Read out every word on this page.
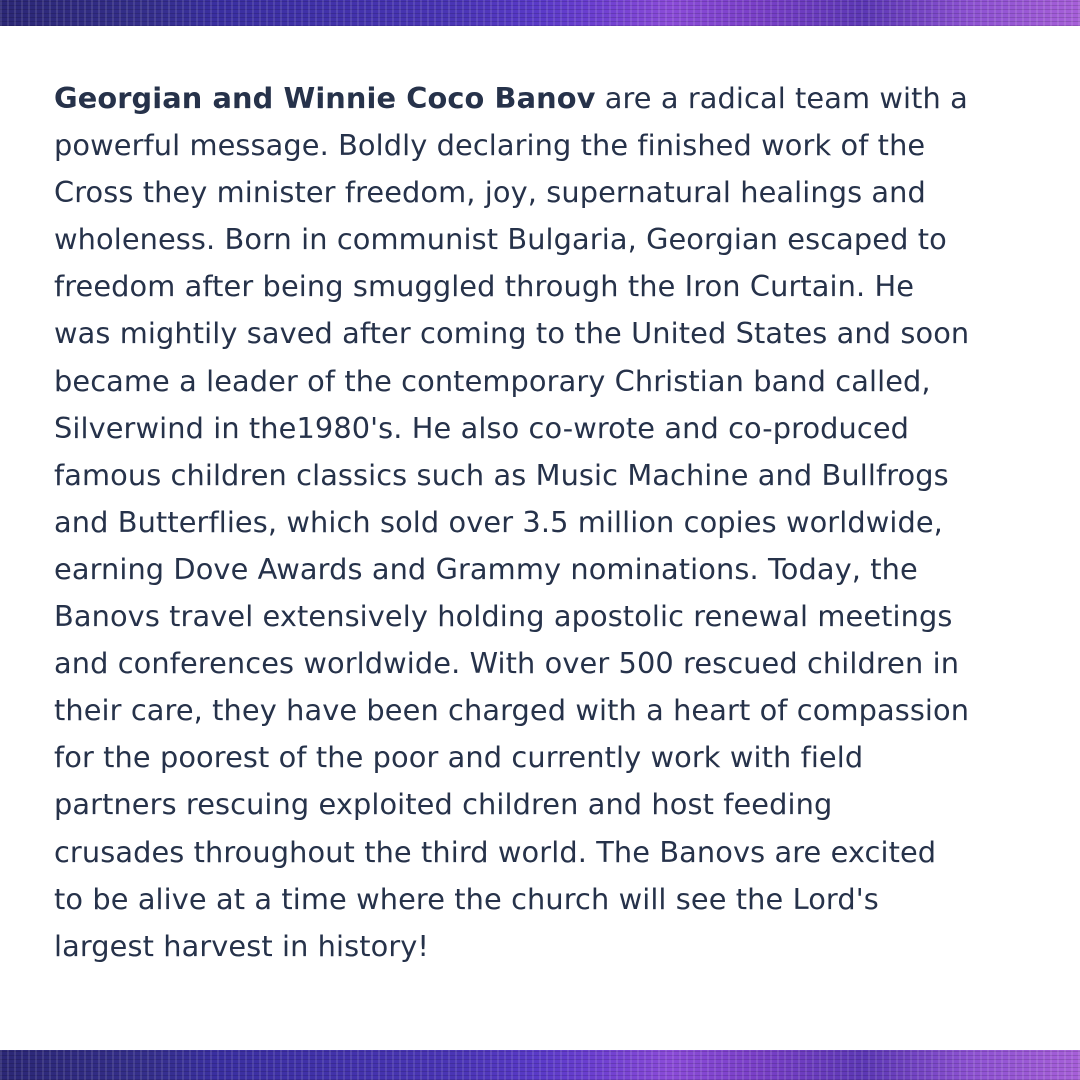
Georgian and Winnie Coco Banov are a radical team with a
powerful message. Boldly declaring the finished work of the
Cross they minister freedom, joy, supernatural healings and
wholeness. Born in communist Bulgaria, Georgian escaped to
freedom after being smuggled through the Iron Curtain. He
was mightily saved after coming to the United States and soon
became a leader of the contemporary Christian band called,
Silverwind in the1980's. He also co-wrote and co-produced
famous children classics such as Music Machine and Bullfrogs
and Butterflies, which sold over 3.5 million copies worldwide,
earning Dove Awards and Grammy nominations. Today, the
Banovs travel extensively holding apostolic renewal meetings
and conferences worldwide. With over 500 rescued children in
their care, they have been charged with a heart of compassion
for the poorest of the poor and currently work with field
partners rescuing exploited children and host feeding
crusades throughout the third world. The Banovs are excited
to be alive at a time where the church will see the Lord's
largest harvest in history!
